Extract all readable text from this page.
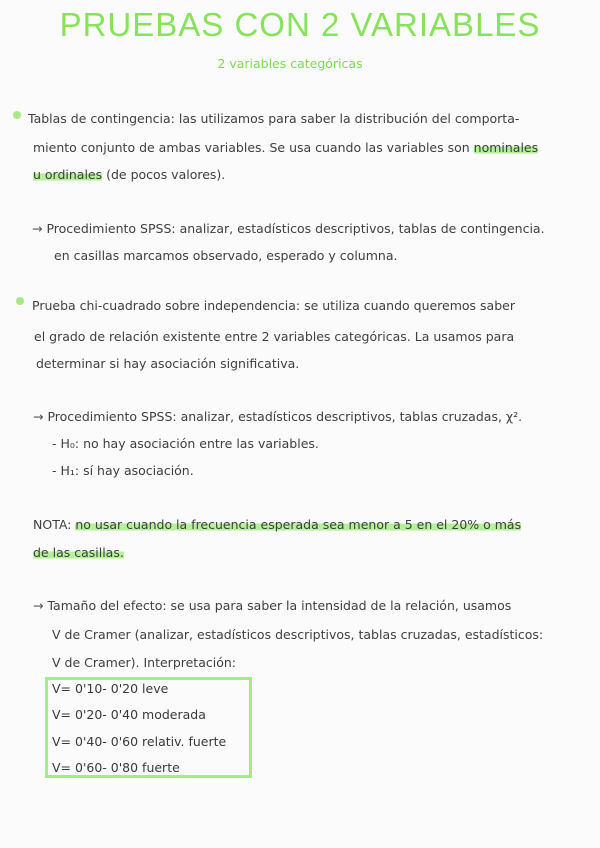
PRUEBAS CON 2 VARIABLES
2 variables categóricas
Tablas de contingencia: las utilizamos para saber la distribución del comporta-
miento conjunto de ambas variables. Se usa cuando las variables son nominales
u ordinales (de pocos valores).
→ Procedimiento SPSS: analizar, estadísticos descriptivos, tablas de contingencia.
en casillas marcamos observado, esperado y columna.
Prueba chi-cuadrado sobre independencia: se utiliza cuando queremos saber
el grado de relación existente entre 2 variables categóricas. La usamos para
determinar si hay asociación significativa.
→ Procedimiento SPSS: analizar, estadísticos descriptivos, tablas cruzadas, χ².
- H₀: no hay asociación entre las variables.
- H₁: sí hay asociación.
NOTA: no usar cuando la frecuencia esperada sea menor a 5 en el 20% o más
de las casillas.
→ Tamaño del efecto: se usa para saber la intensidad de la relación, usamos
V de Cramer (analizar, estadísticos descriptivos, tablas cruzadas, estadísticos:
V de Cramer). Interpretación:
V= 0'10- 0'20 leve
V= 0'20- 0'40 moderada
V= 0'40- 0'60 relativ. fuerte
V= 0'60- 0'80 fuerte
